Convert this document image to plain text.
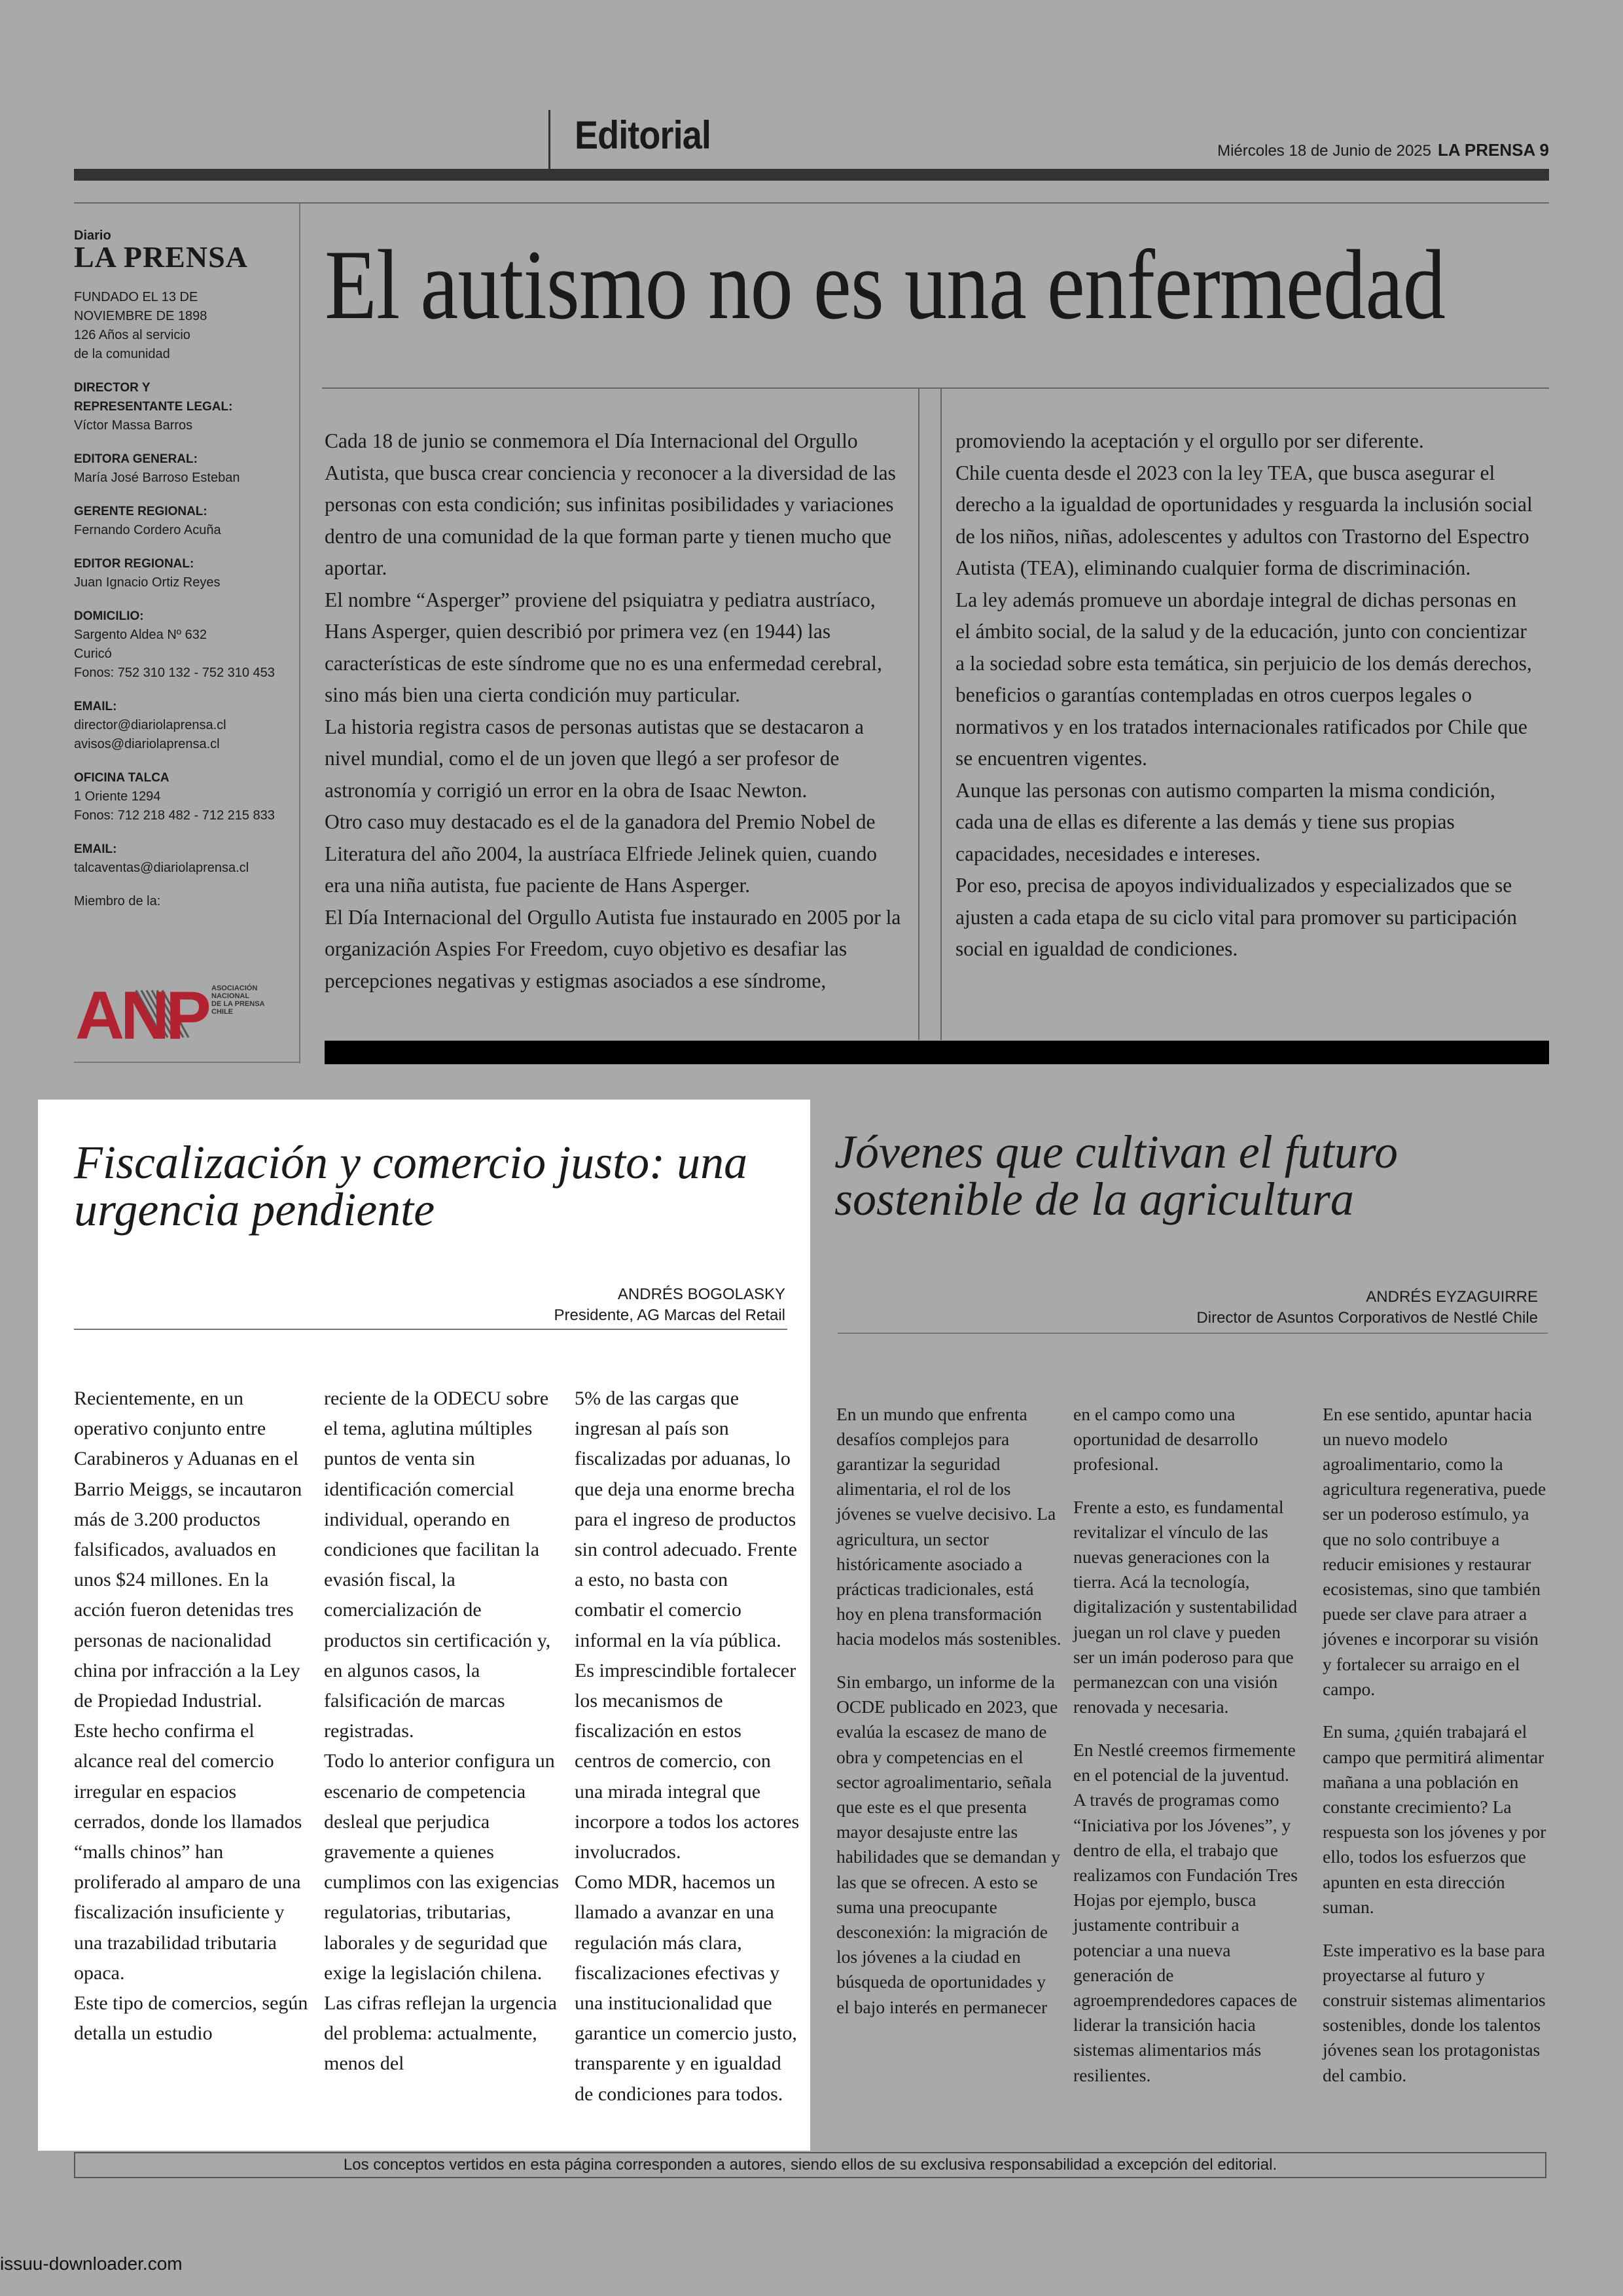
Editorial	Miércoles 18 de Junio de 2025 LA PRENSA 9
Diario
LA PRENSA
FUNDADO EL 13 DE
NOVIEMBRE DE 1898
126 Años al servicio
de la comunidad
DIRECTOR Y
REPRESENTANTE LEGAL:
Víctor Massa Barros
EDITORA GENERAL:
María José Barroso Esteban
GERENTE REGIONAL:
Fernando Cordero Acuña
EDITOR REGIONAL:
Juan Ignacio Ortiz Reyes
DOMICILIO:
Sargento Aldea Nº 632
Curicó
Fonos: 752 310 132 - 752 310 453
EMAIL:
director@diariolaprensa.cl
avisos@diariolaprensa.cl
OFICINA TALCA
1 Oriente 1294
Fonos: 712 218 482 - 712 215 833
EMAIL:
talcaventas@diariolaprensa.cl
Miembro de la:
ANP ASOCIACIÓN
NACIONAL
DE LA PRENSA
CHILE
El autismo no es una enfermedad

Cada 18 de junio se conmemora el Día Internacional del Orgullo Autista, que busca crear conciencia y reconocer a la diversidad de las personas con esta condición; sus infinitas posibilidades y variaciones dentro de una comunidad de la que forman parte y tienen mucho que aportar.

El nombre “Asperger” proviene del psiquiatra y pediatra austríaco, Hans Asperger, quien describió por primera vez (en 1944) las características de este síndrome que no es una enfermedad cerebral, sino más bien una cierta condición muy particular.

La historia registra casos de personas autistas que se destacaron a nivel mundial, como el de un joven que llegó a ser profesor de astronomía y corrigió un error en la obra de Isaac Newton.

Otro caso muy destacado es el de la ganadora del Premio Nobel de Literatura del año 2004, la austríaca Elfriede Jelinek quien, cuando era una niña autista, fue paciente de Hans Asperger.

El Día Internacional del Orgullo Autista fue instaurado en 2005 por la organización Aspies For Freedom, cuyo objetivo es desafiar las percepciones negativas y estigmas asociados a ese síndrome,

promoviendo la aceptación y el orgullo por ser diferente.

Chile cuenta desde el 2023 con la ley TEA, que busca asegurar el derecho a la igualdad de oportunidades y resguarda la inclusión social de los niños, niñas, adolescentes y adultos con Trastorno del Espectro Autista (TEA), eliminando cualquier forma de discriminación.

La ley además promueve un abordaje integral de dichas personas en el ámbito social, de la salud y de la educación, junto con concientizar a la sociedad sobre esta temática, sin perjuicio de los demás derechos, beneficios o garantías contempladas en otros cuerpos legales o normativos y en los tratados internacionales ratificados por Chile que se encuentren vigentes.

Aunque las personas con autismo comparten la misma condición, cada una de ellas es diferente a las demás y tiene sus propias capacidades, necesidades e intereses.

Por eso, precisa de apoyos individualizados y especializados que se ajusten a cada etapa de su ciclo vital para promover su participación social en igualdad de condiciones.

Fiscalización y comercio justo: una urgencia pendiente
ANDRÉS BOGOLASKY
Presidente, AG Marcas del Retail

Recientemente, en un operativo conjunto entre Carabineros y Aduanas en el Barrio Meiggs, se incautaron más de 3.200 productos falsificados, avaluados en unos $24 millones. En la acción fueron detenidas tres personas de nacionalidad china por infracción a la Ley de Propiedad Industrial.

Este hecho confirma el alcance real del comercio irregular en espacios cerrados, donde los llamados “malls chinos” han proliferado al amparo de una fiscalización insuficiente y una trazabilidad tributaria opaca.

Este tipo de comercios, según detalla un estudio

reciente de la ODECU sobre el tema, aglutina múltiples puntos de venta sin identificación comercial individual, operando en condiciones que facilitan la evasión fiscal, la comercialización de productos sin certificación y, en algunos casos, la falsificación de marcas registradas.

Todo lo anterior configura un escenario de competencia desleal que perjudica gravemente a quienes cumplimos con las exigencias regulatorias, tributarias, laborales y de seguridad que exige la legislación chilena.

Las cifras reflejan la urgencia del problema: actualmente, menos del

5% de las cargas que ingresan al país son fiscalizadas por aduanas, lo que deja una enorme brecha para el ingreso de productos sin control adecuado. Frente a esto, no basta con combatir el comercio informal en la vía pública. Es imprescindible fortalecer los mecanismos de fiscalización en estos centros de comercio, con una mirada integral que incorpore a todos los actores involucrados.

Como MDR, hacemos un llamado a avanzar en una regulación más clara, fiscalizaciones efectivas y una institucionalidad que garantice un comercio justo, transparente y en igualdad de condiciones para todos.

Jóvenes que cultivan el futuro sostenible de la agricultura
ANDRÉS EYZAGUIRRE
Director de Asuntos Corporativos de Nestlé Chile

En un mundo que enfrenta desafíos complejos para garantizar la seguridad alimentaria, el rol de los jóvenes se vuelve decisivo. La agricultura, un sector históricamente asociado a prácticas tradicionales, está hoy en plena transformación hacia modelos más sostenibles.

Sin embargo, un informe de la OCDE publicado en 2023, que evalúa la escasez de mano de obra y competencias en el sector agroalimentario, señala que este es el que presenta mayor desajuste entre las habilidades que se demandan y las que se ofrecen. A esto se suma una preocupante desconexión: la migración de los jóvenes a la ciudad en búsqueda de oportunidades y el bajo interés en permanecer

en el campo como una oportunidad de desarrollo profesional.

Frente a esto, es fundamental revitalizar el vínculo de las nuevas generaciones con la tierra. Acá la tecnología, digitalización y sustentabilidad juegan un rol clave y pueden ser un imán poderoso para que permanezcan con una visión renovada y necesaria.

En Nestlé creemos firmemente en el potencial de la juventud. A través de programas como “Iniciativa por los Jóvenes”, y dentro de ella, el trabajo que realizamos con Fundación Tres Hojas por ejemplo, busca justamente contribuir a potenciar a una nueva generación de agroemprendedores capaces de liderar la transición hacia sistemas alimentarios más resilientes.

En ese sentido, apuntar hacia un nuevo modelo agroalimentario, como la agricultura regenerativa, puede ser un poderoso estímulo, ya que no solo contribuye a reducir emisiones y restaurar ecosistemas, sino que también puede ser clave para atraer a jóvenes e incorporar su visión y fortalecer su arraigo en el campo.

En suma, ¿quién trabajará el campo que permitirá alimentar mañana a una población en constante crecimiento? La respuesta son los jóvenes y por ello, todos los esfuerzos que apunten en esta dirección suman.

Este imperativo es la base para proyectarse al futuro y construir sistemas alimentarios sostenibles, donde los talentos jóvenes sean los protagonistas del cambio.

Los conceptos vertidos en esta página corresponden a autores, siendo ellos de su exclusiva responsabilidad a excepción del editorial.
issuu-downloader.com
